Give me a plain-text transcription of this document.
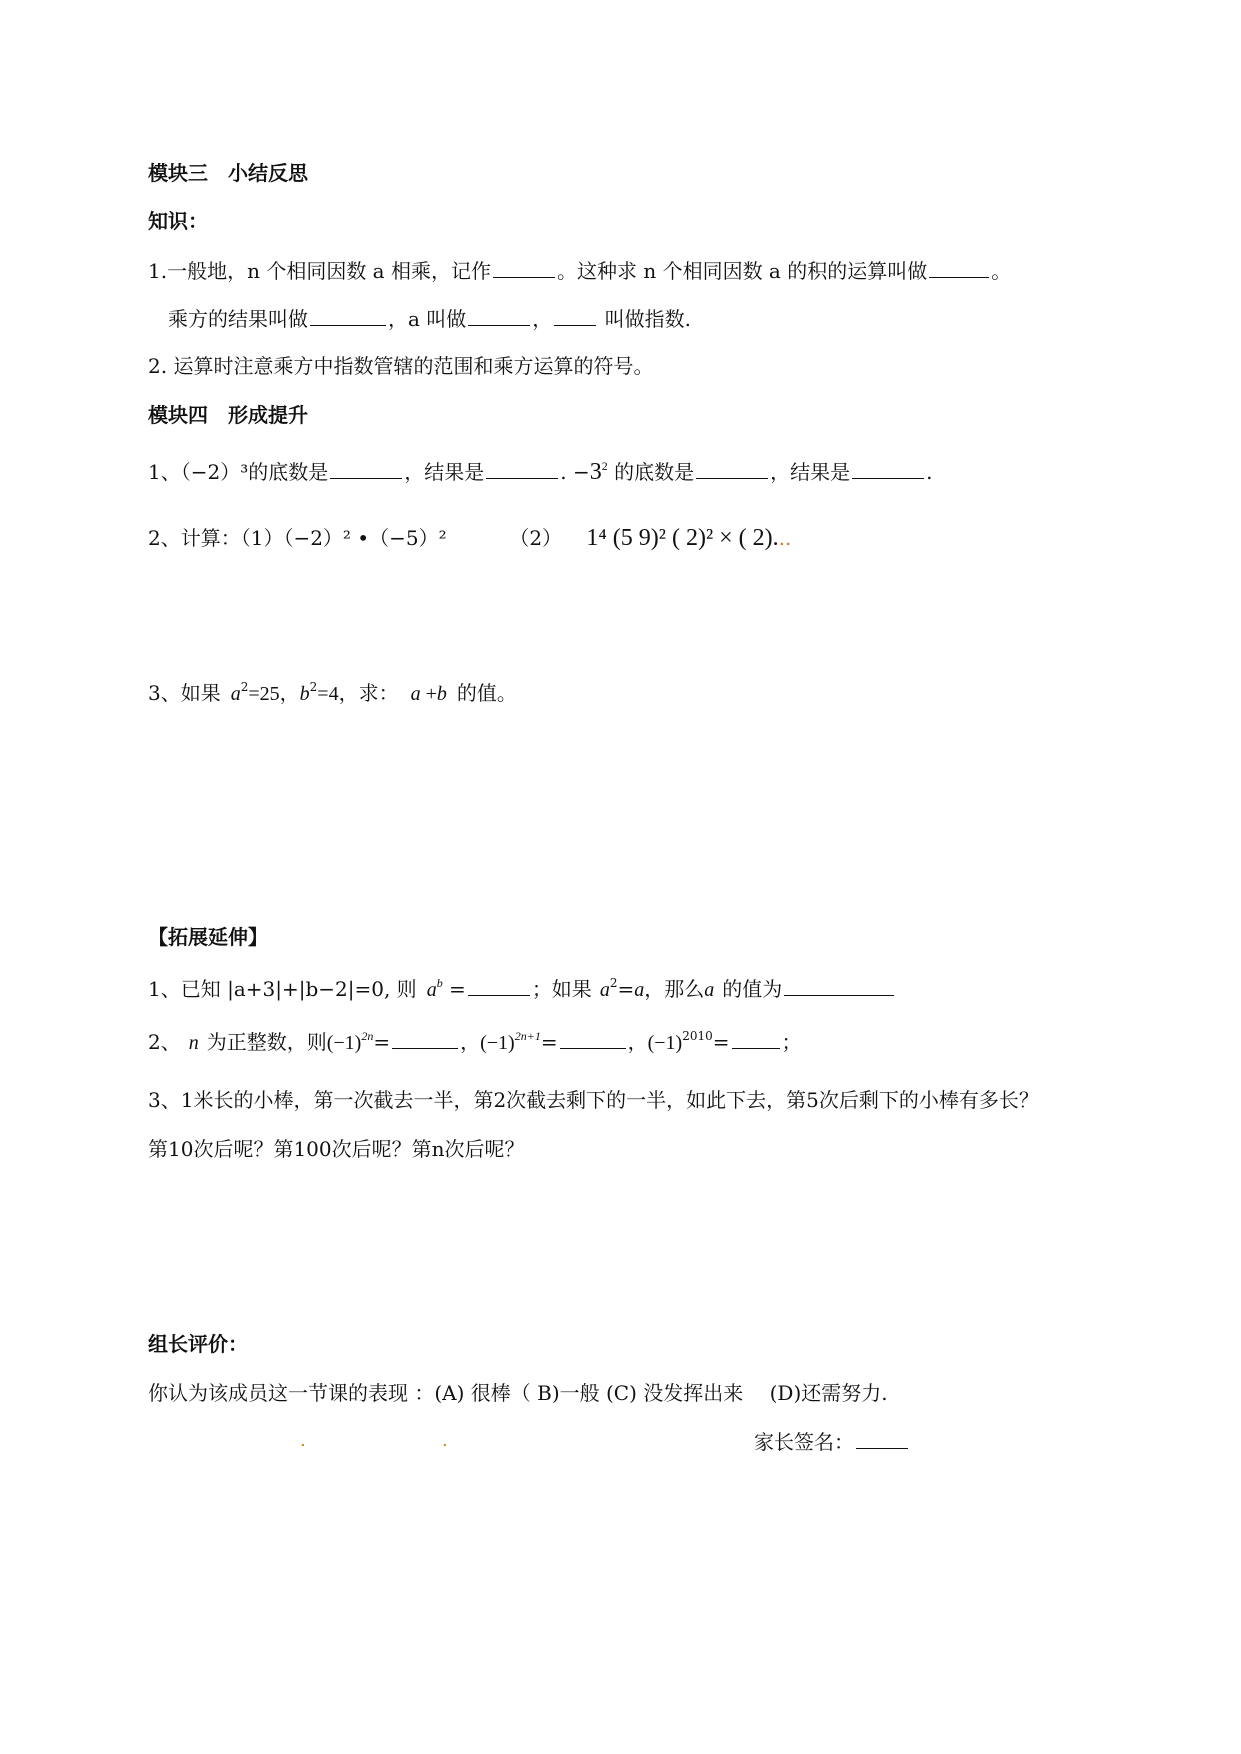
模块三　小结反思
知识：
1.一般地，n 个相同因数 a 相乘，记作	。这种求 n 个相同因数 a 的积的运算叫做	。
乘方的结果叫做	，a 叫做	， 叫做指数.
2. 运算时注意乘方中指数管辖的范围和乘方运算的符号。
模块四　形成提升
1、（−2）³的底数是	，结果是	. $-3^2$ 的底数是	，结果是	.
2、计算：（1）（−2）² •（−5）²	（2） 1⁴ (5 9)² ( 2)² × ( 2)...
3、如果 $a^2=25$，$b^2=4$，求： a +b 的值。
【拓展延伸】
1、已知 |a+3|+|b−2|=0, 则 $a^b$ =	；如果 $a^2=a$，那么a 的值为
2、 n 为正整数，则$(-1)^{2n}=$	，$(-1)^{2n+1}=$	，$(-1)^{2010}=$	；
3、1米长的小棒，第一次截去一半，第2次截去剩下的一半，如此下去，第5次后剩下的小棒有多长？
第10次后呢？第100次后呢？第n次后呢？
组长评价：
你认为该成员这一节课的表现 ：(A) 很棒（ B)一般 (C) 没发挥出来　 (D)还需努力.
.	.	家长签名：
